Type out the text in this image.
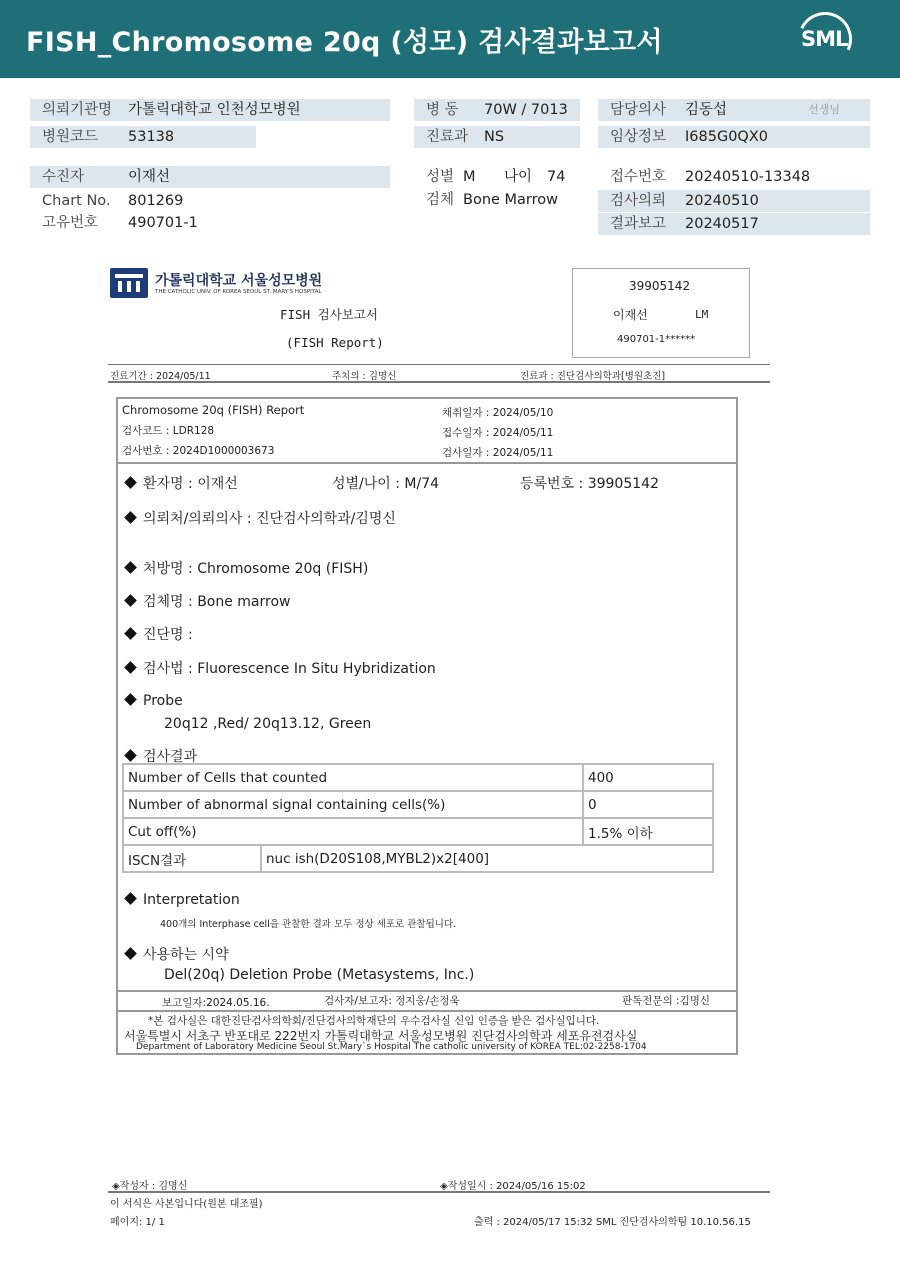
FISH_Chromosome 20q (성모) 검사결과보고서	SML
의뢰기관명 가톨릭대학교 인천성모병원	병 동 70W / 7013	담당의사 김동섭	선생님
병원코드 53138	진료과 NS	임상정보 I685G0QX0
수진자	이재선	성별 M 나이 74	접수번호 20240510-13348
Chart No. 801269	검체 Bone Marrow	검사의뢰 20240510
고유번호 490701-1	결과보고 20240517
가톨릭대학교 서울성모병원
THE CATHOLIC UNIV. OF KOREA SEOUL ST. MARY'S HOSPITAL
FISH 검사보고서
(FISH Report)
39905142
이재선	LM
490701-1******
진료기간 : 2024/05/11	주치의 : 김명신	진료과 : 진단검사의학과[병원초진]
Chromosome 20q (FISH) Report
검사코드 : LDR128
검사번호 : 2024D1000003673
채취일자 : 2024/05/10
접수일자 : 2024/05/11
검사일자 : 2024/05/11
환자명 : 이재선	성별/나이 : M/74	등록번호 : 39905142
의뢰처/의뢰의사 : 진단검사의학과/김명신
처방명 : Chromosome 20q (FISH)
검체명 : Bone marrow
진단명 :
검사법 : Fluorescence In Situ Hybridization
Probe
20q12 ,Red/ 20q13.12, Green
검사결과
Number of Cells that counted		400
Number of abnormal signal containing cells(%)		0
Cut off(%)		1.5% 이하
ISCN결과	nuc ish(D20S108,MYBL2)x2[400]	
Interpretation
400개의 Interphase cell을 관찰한 결과 모두 정상 세포로 관찰됩니다.
사용하는 시약
Del(20q) Deletion Probe (Metasystems, Inc.)
보고일자:2024.05.16.	검사자/보고자: 정지웅/손정욱	판독전문의 :김명신
*본 검사실은 대한진단검사의학회/진단검사의학재단의 우수검사실 신임 인증을 받은 검사실입니다.
서울특별시 서초구 반포대로 222번지 가톨릭대학교 서울성모병원 진단검사의학과 세포유전검사실
Department of Laboratory Medicine Seoul St.Mary`s Hospital The catholic university of KOREA TEL:02-2258-1704
◈작성자 : 김명신	◈작성일시 : 2024/05/16 15:02
이 서식은 사본입니다(원본 대조필)
페이지: 1/ 1	출력 : 2024/05/17 15:32 SML 진단검사의학팀 10.10.56.15
